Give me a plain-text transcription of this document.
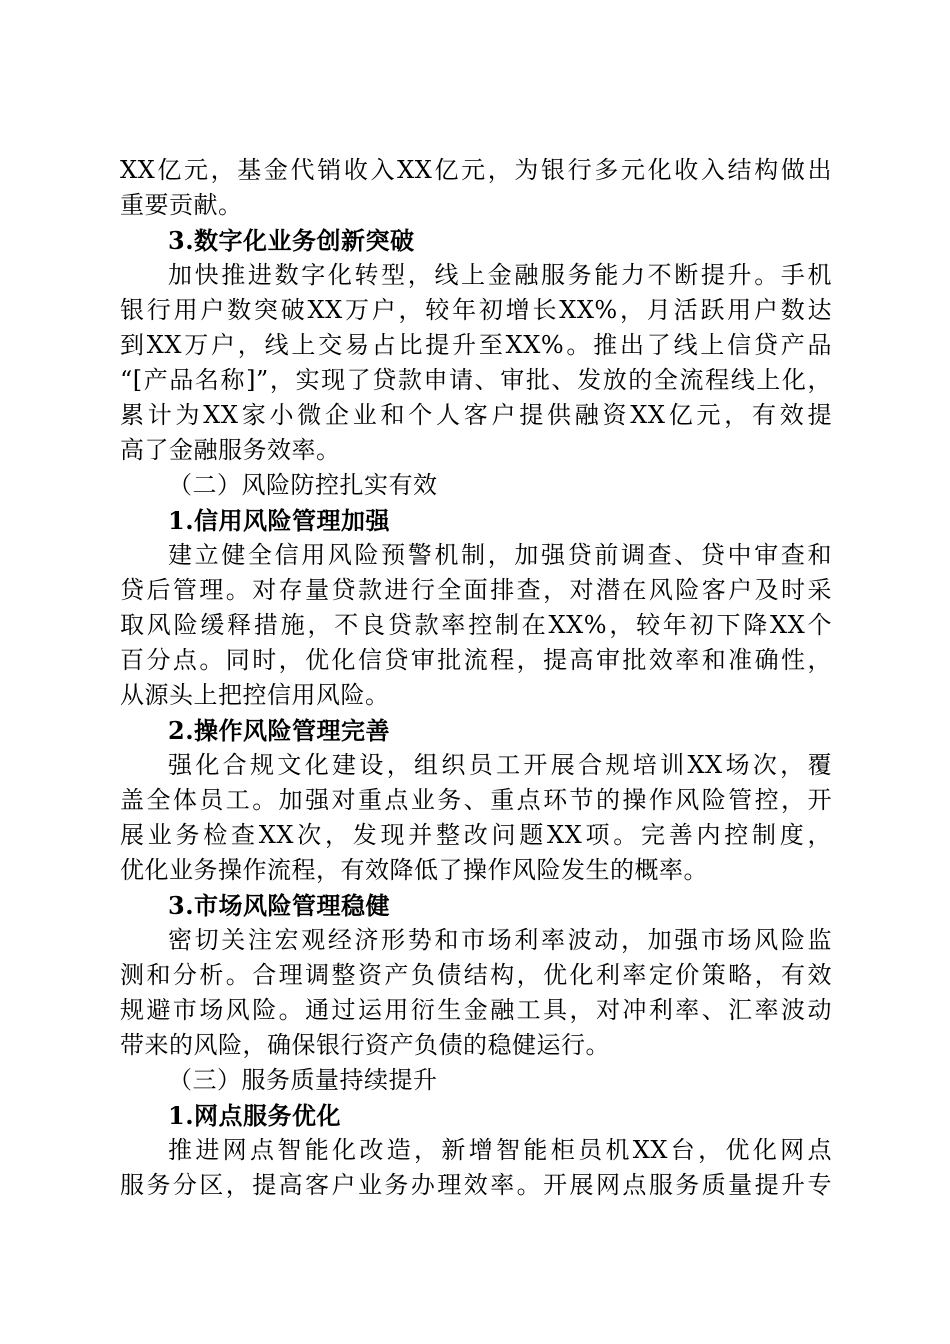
XX亿元，基金代销收入XX亿元，为银行多元化收入结构做出
重要贡献。
3.数字化业务创新突破
加快推进数字化转型，线上金融服务能力不断提升。手机
银行用户数突破XX万户，较年初增长XX%，月活跃用户数达
到XX万户，线上交易占比提升至XX%。推出了线上信贷产品
“[产品名称]”，实现了贷款申请、审批、发放的全流程线上化，
累计为XX家小微企业和个人客户提供融资XX亿元，有效提
高了金融服务效率。
（二）风险防控扎实有效
1.信用风险管理加强
建立健全信用风险预警机制，加强贷前调查、贷中审查和
贷后管理。对存量贷款进行全面排查，对潜在风险客户及时采
取风险缓释措施，不良贷款率控制在XX%，较年初下降XX个
百分点。同时，优化信贷审批流程，提高审批效率和准确性，
从源头上把控信用风险。
2.操作风险管理完善
强化合规文化建设，组织员工开展合规培训XX场次，覆
盖全体员工。加强对重点业务、重点环节的操作风险管控，开
展业务检查XX次，发现并整改问题XX项。完善内控制度，
优化业务操作流程，有效降低了操作风险发生的概率。
3.市场风险管理稳健
密切关注宏观经济形势和市场利率波动，加强市场风险监
测和分析。合理调整资产负债结构，优化利率定价策略，有效
规避市场风险。通过运用衍生金融工具，对冲利率、汇率波动
带来的风险，确保银行资产负债的稳健运行。
（三）服务质量持续提升
1.网点服务优化
推进网点智能化改造，新增智能柜员机XX台，优化网点
服务分区，提高客户业务办理效率。开展网点服务质量提升专
